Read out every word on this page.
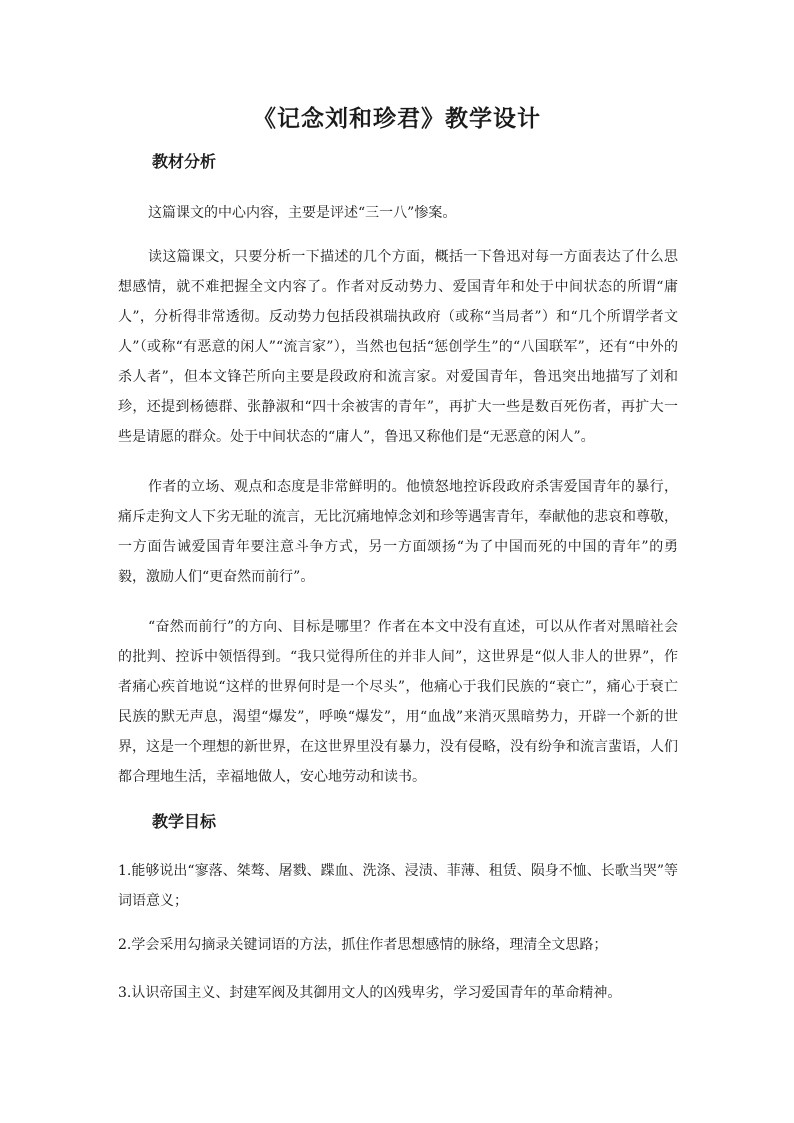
《记念刘和珍君》教学设计
教材分析
这篇课文的中心内容，主要是评述“三一八”惨案。
读这篇课文，只要分析一下描述的几个方面，概括一下鲁迅对每一方面表达了什么思想感情，就不难把握全文内容了。作者对反动势力、爱国青年和处于中间状态的所谓“庸人”，分析得非常透彻。反动势力包括段祺瑞执政府（或称“当局者”）和“几个所谓学者文人”（或称“有恶意的闲人”“流言家”），当然也包括“惩创学生”的“八国联军”，还有“中外的杀人者”，但本文锋芒所向主要是段政府和流言家。对爱国青年，鲁迅突出地描写了刘和珍，还提到杨德群、张静淑和“四十余被害的青年”，再扩大一些是数百死伤者，再扩大一些是请愿的群众。处于中间状态的“庸人”，鲁迅又称他们是“无恶意的闲人”。
作者的立场、观点和态度是非常鲜明的。他愤怒地控诉段政府杀害爱国青年的暴行，痛斥走狗文人下劣无耻的流言，无比沉痛地悼念刘和珍等遇害青年，奉献他的悲哀和尊敬，一方面告诫爱国青年要注意斗争方式，另一方面颂扬“为了中国而死的中国的青年”的勇毅，激励人们“更奋然而前行”。
“奋然而前行”的方向、目标是哪里？作者在本文中没有直述，可以从作者对黑暗社会的批判、控诉中领悟得到。“我只觉得所住的并非人间”，这世界是“似人非人的世界”，作者痛心疾首地说“这样的世界何时是一个尽头”，他痛心于我们民族的“衰亡”，痛心于衰亡民族的默无声息，渴望“爆发”，呼唤“爆发”，用“血战”来消灭黑暗势力，开辟一个新的世界，这是一个理想的新世界，在这世界里没有暴力，没有侵略，没有纷争和流言蜚语，人们都合理地生活，幸福地做人，安心地劳动和读书。
教学目标
1.能够说出“寥落、桀骜、屠戮、蹀血、洗涤、浸渍、菲薄、租赁、陨身不恤、长歌当哭”等词语意义；
2.学会采用勾摘录关键词语的方法，抓住作者思想感情的脉络，理清全文思路；
3.认识帝国主义、封建军阀及其御用文人的凶残卑劣，学习爱国青年的革命精神。
